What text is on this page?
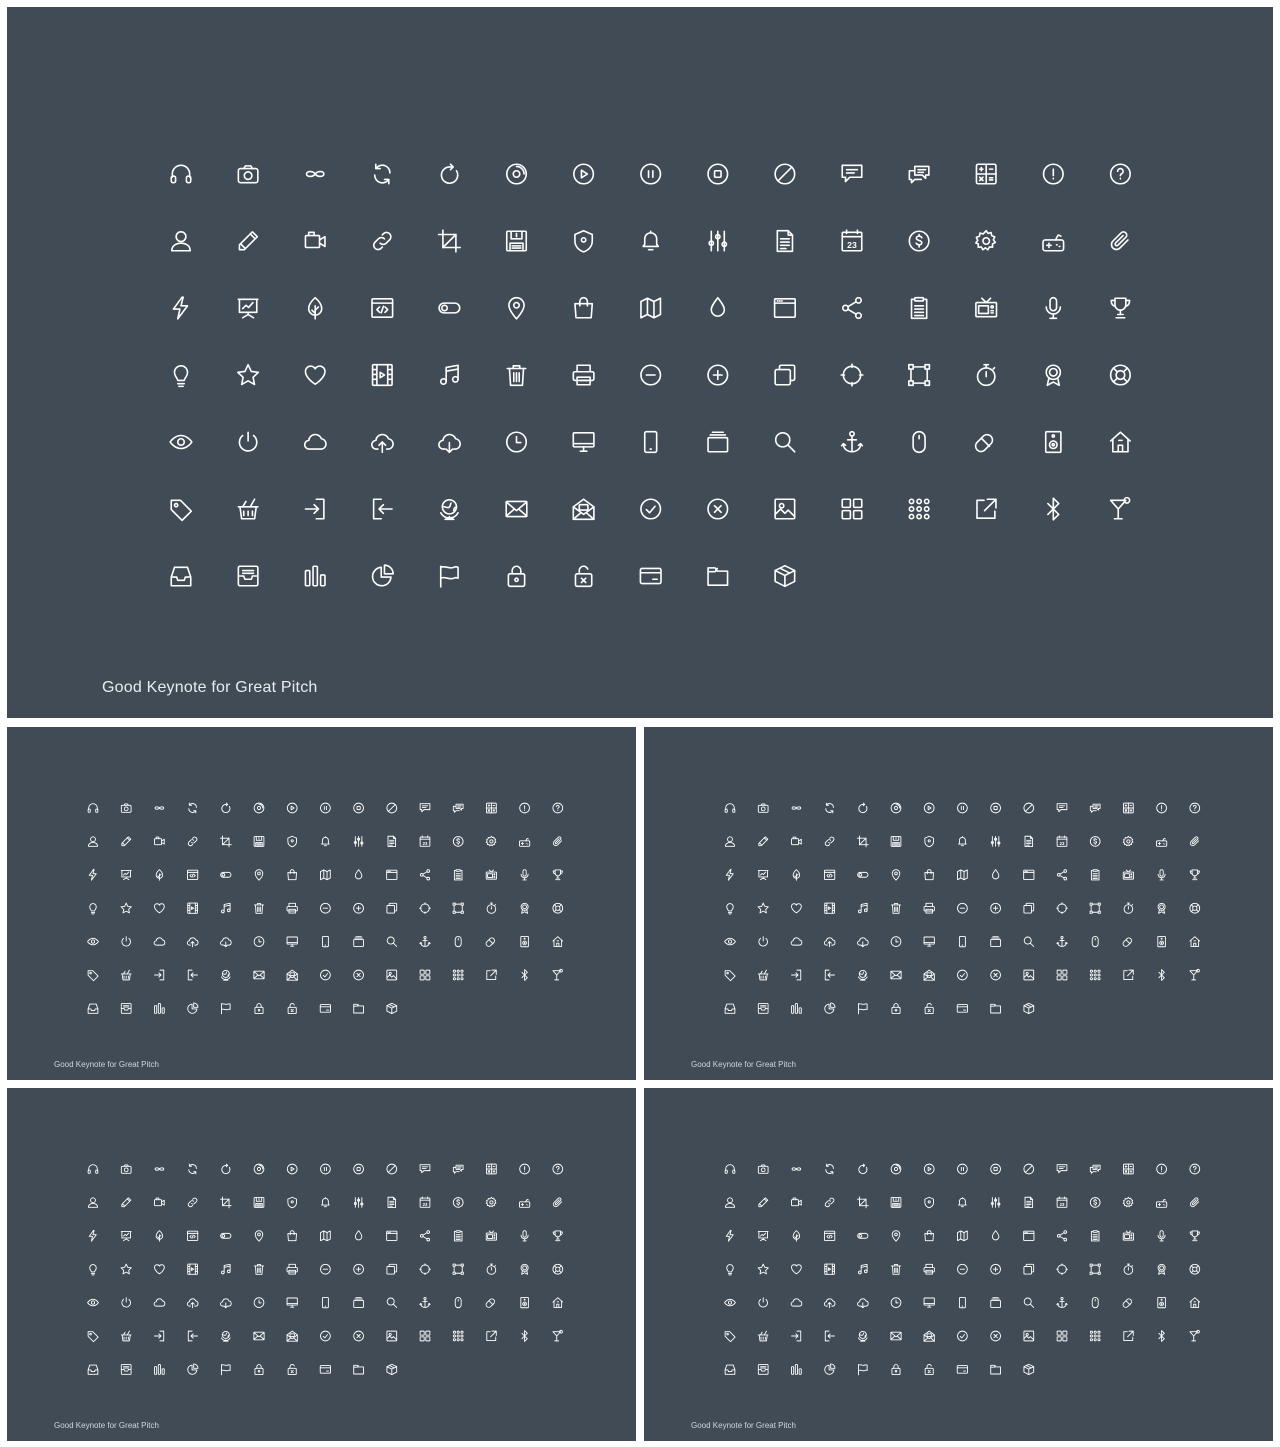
23
Good Keynote for Great Pitch
23
Good Keynote for Great Pitch
23
Good Keynote for Great Pitch
23
Good Keynote for Great Pitch
23
Good Keynote for Great Pitch
